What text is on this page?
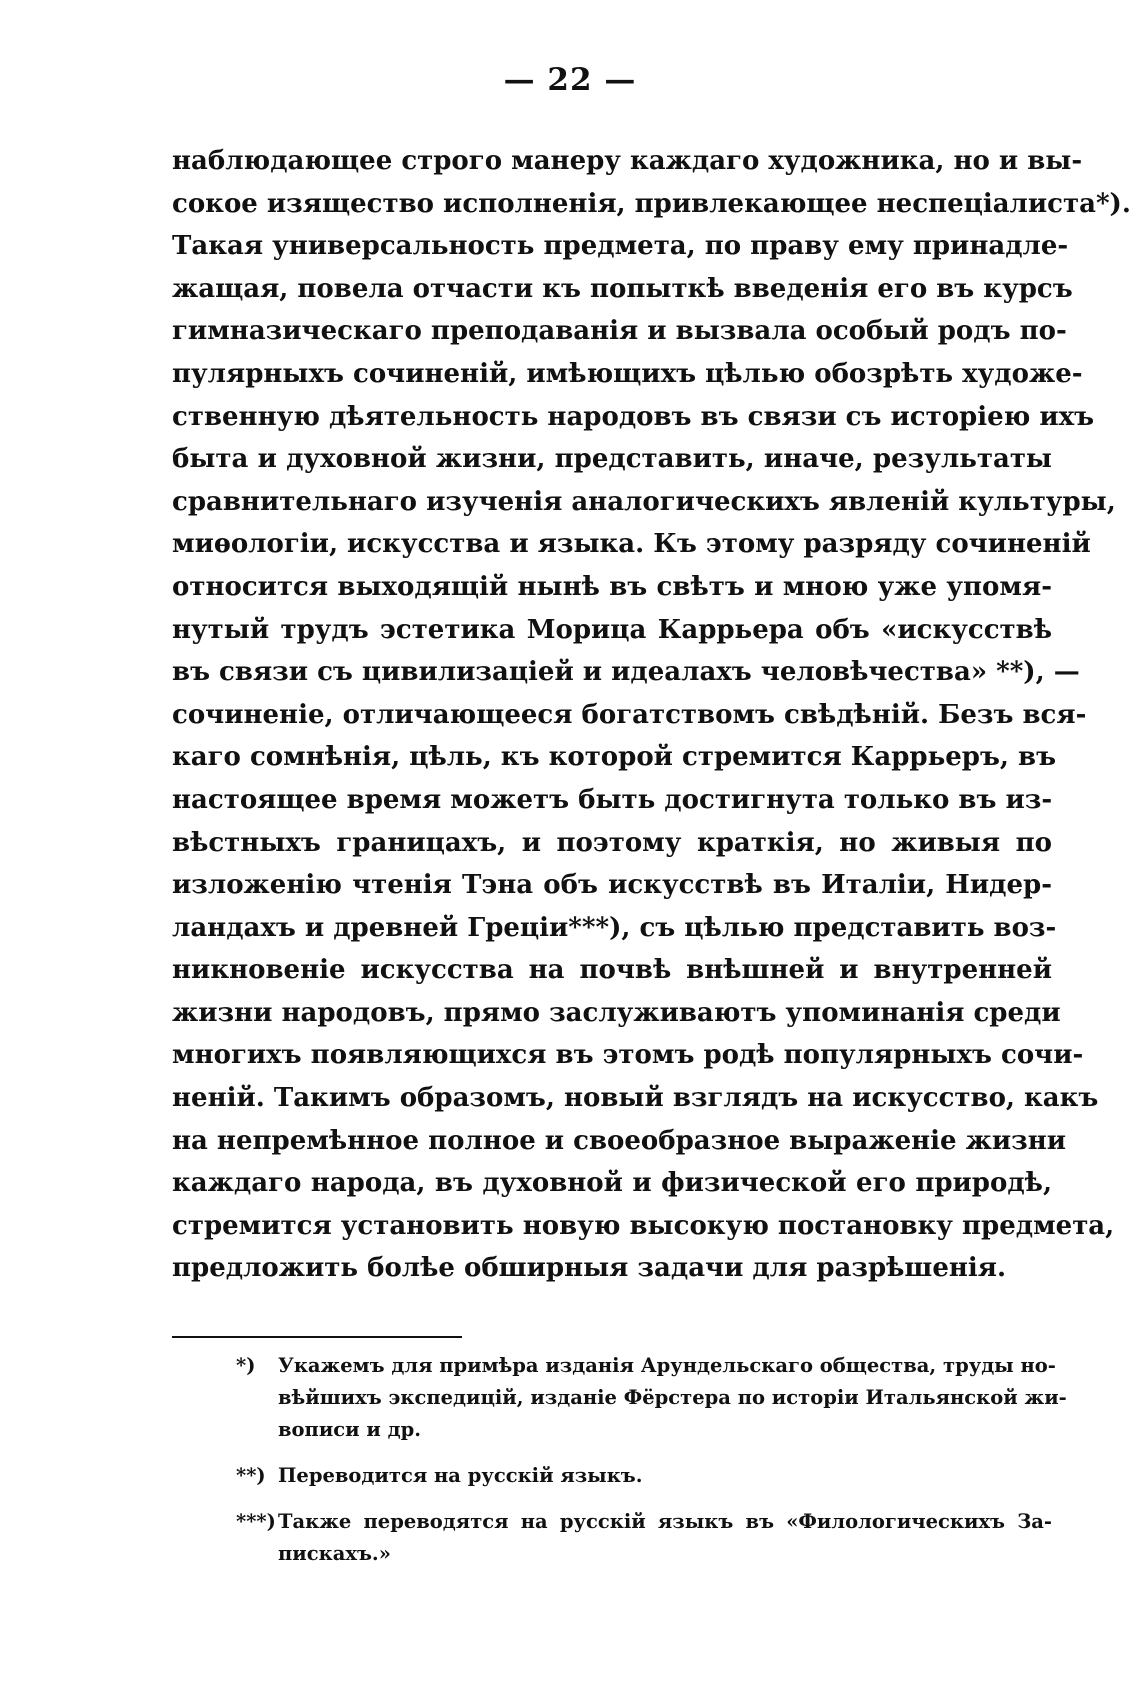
— 22 —
наблюдающее строго манеру каждаго художника, но и вы-
сокое изящество исполненія, привлекающее неспеціалиста*).
Такая универсальность предмета, по праву ему принадле-
жащая, повела отчасти къ попыткѣ введенія его въ курсъ
гимназическаго преподаванія и вызвала особый родъ по-
пулярныхъ сочиненій, имѣющихъ цѣлью обозрѣть художе-
ственную дѣятельность народовъ въ связи съ исторіею ихъ
быта и духовной жизни, представить, иначе, результаты
сравнительнаго изученія аналогическихъ явленій культуры,
миѳологіи, искусства и языка. Къ этому разряду сочиненій
относится выходящій нынѣ въ свѣтъ и мною уже упомя-
нутый трудъ эстетика Морица Каррьера объ «искусствѣ
въ связи съ цивилизаціей и идеалахъ человѣчества» **), —
сочиненіе, отличающееся богатствомъ свѣдѣній. Безъ вся-
каго сомнѣнія, цѣль, къ которой стремится Каррьеръ, въ
настоящее время можетъ быть достигнута только въ из-
вѣстныхъ границахъ, и поэтому краткія, но живыя по
изложенію чтенія Тэна объ искусствѣ въ Италіи, Нидер-
ландахъ и древней Греціи***), съ цѣлью представить воз-
никновеніе искусства на почвѣ внѣшней и внутренней
жизни народовъ, прямо заслуживаютъ упоминанія среди
многихъ появляющихся въ этомъ родѣ популярныхъ сочи-
неній. Такимъ образомъ, новый взглядъ на искусство, какъ
на непремѣнное полное и своеобразное выраженіе жизни
каждаго народа, въ духовной и физической его природѣ,
стремится установить новую высокую постановку предмета,
предложить болѣе обширныя задачи для разрѣшенія.
*) Укажемъ для примѣра изданія Арундельскаго общества, труды но-
вѣйшихъ экспедицій, изданіе Фёрстера по исторіи Итальянской жи-
вописи и др.
**) Переводится на русскій языкъ.
***) Также переводятся на русскій языкъ въ «Филологическихъ За-
пискахъ.»
